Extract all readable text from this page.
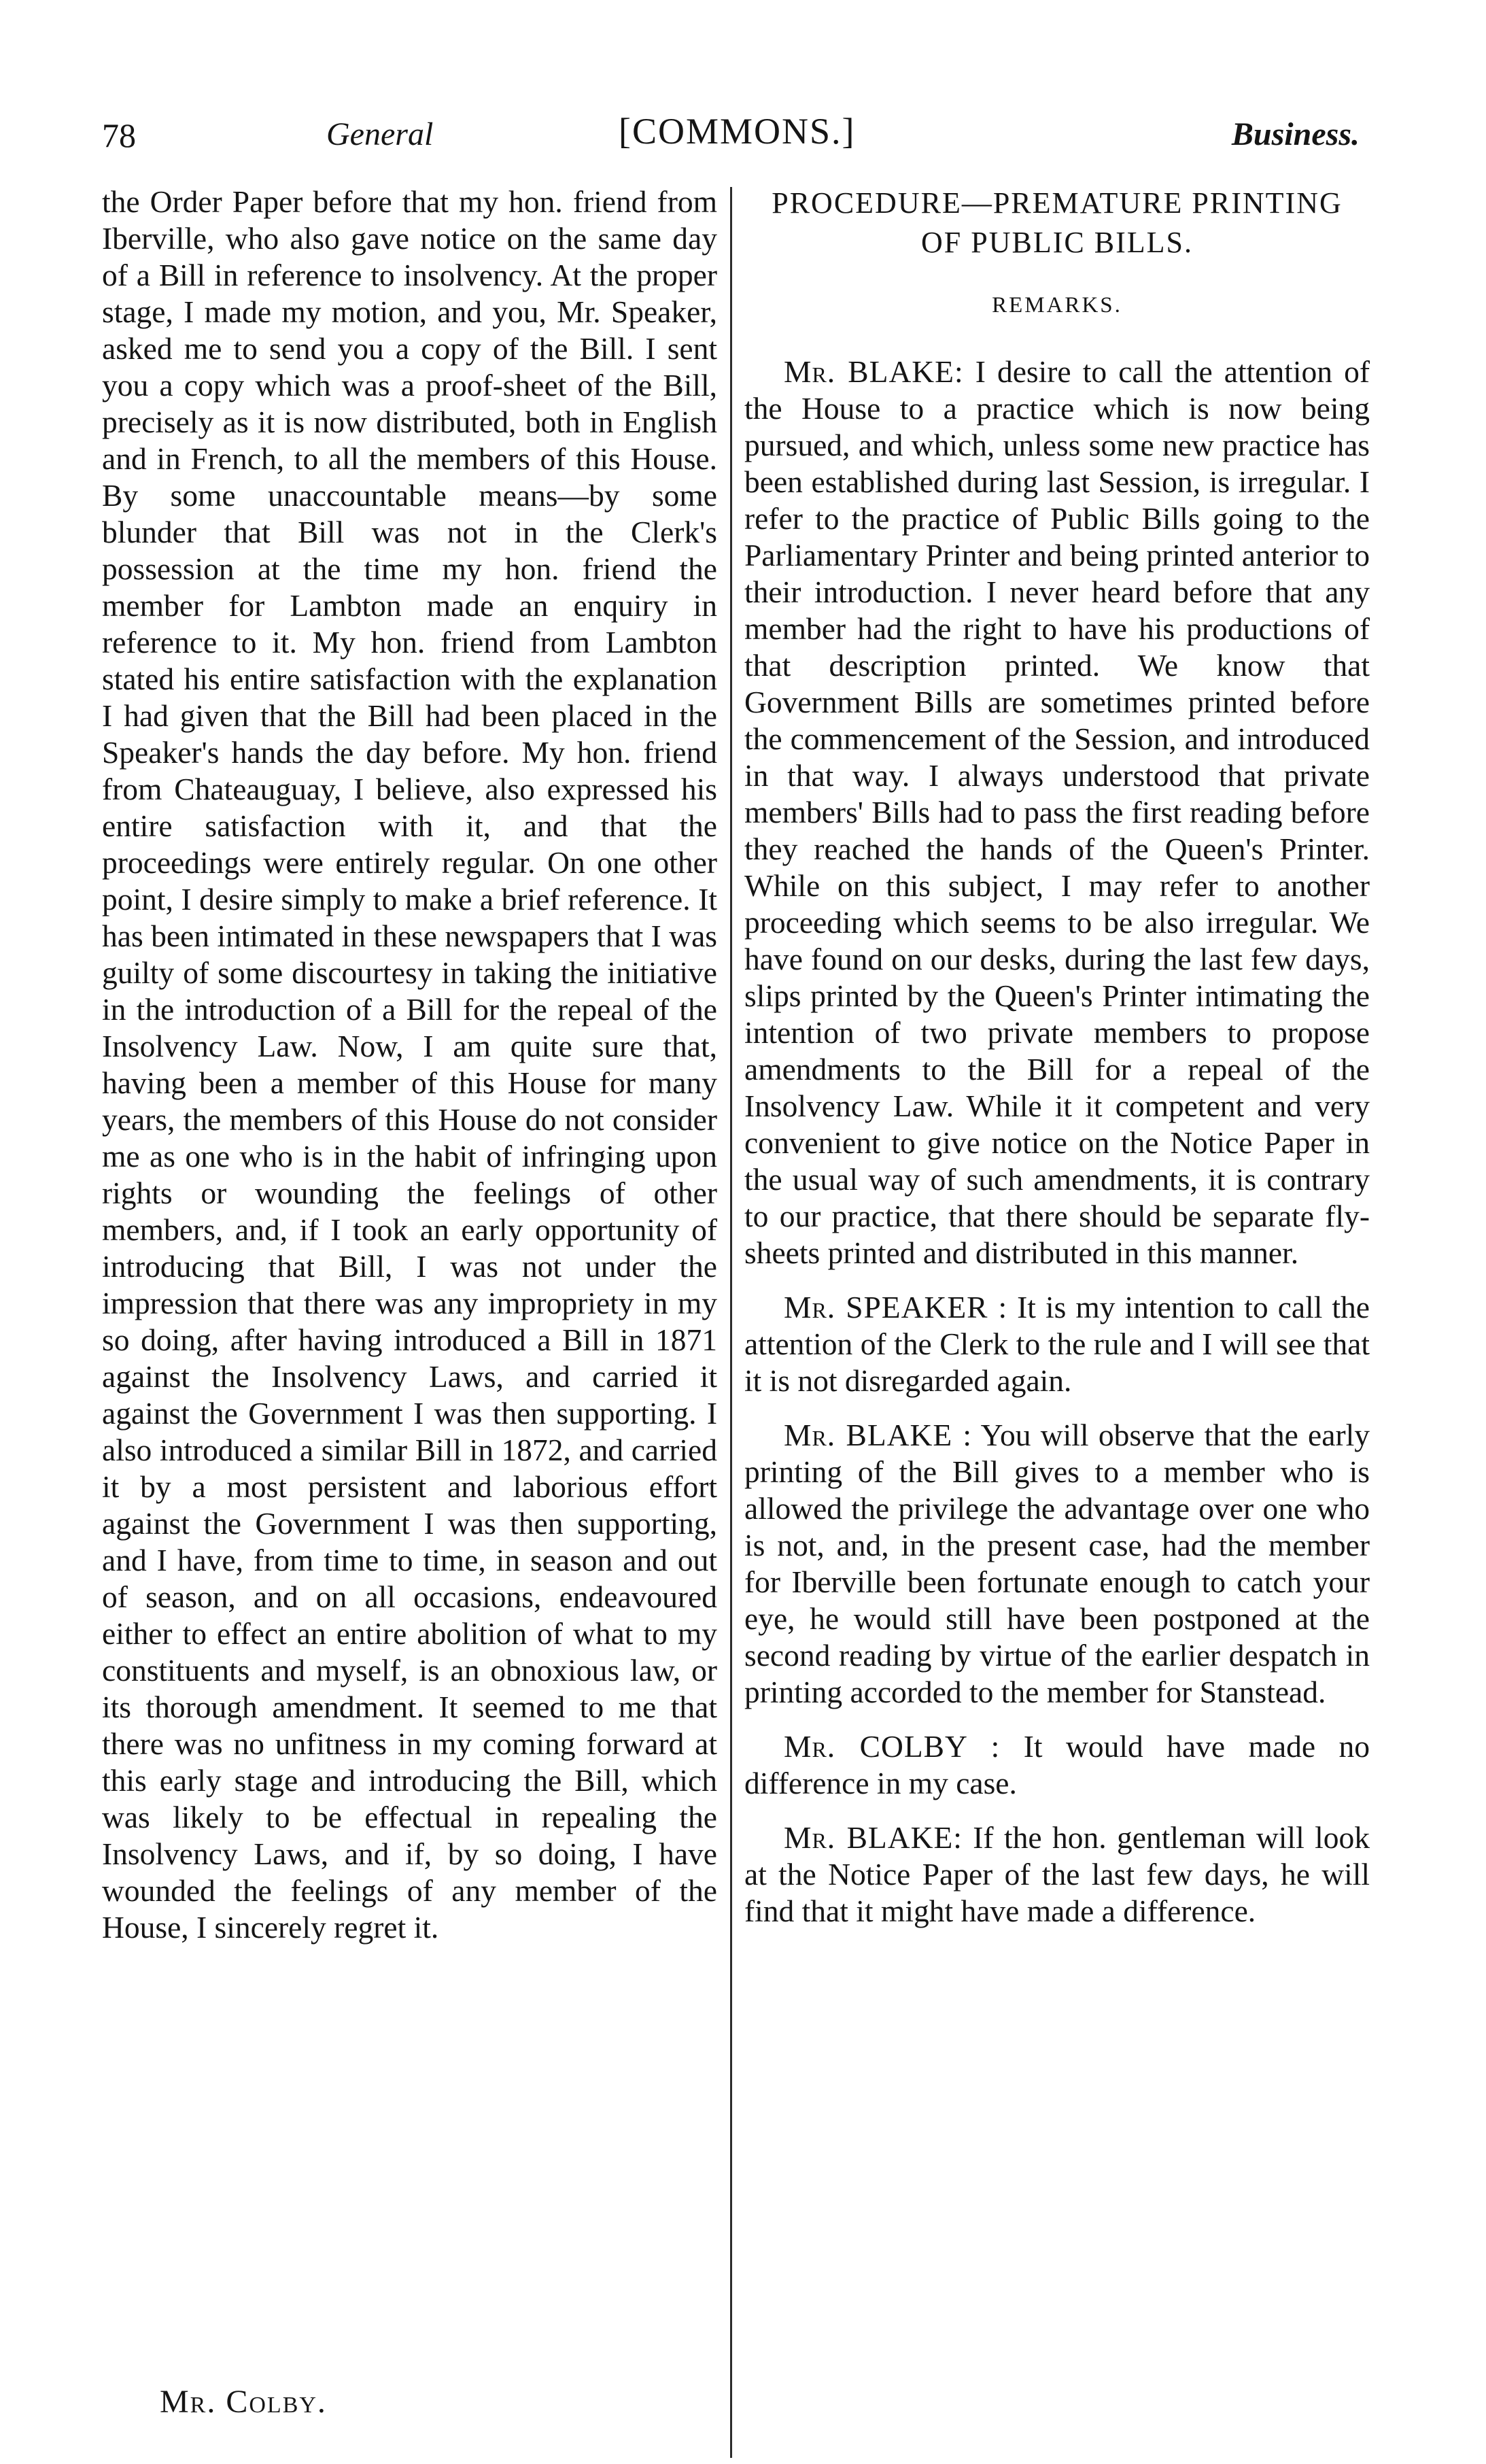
78	General	[COMMONS.]	Business.

the Order Paper before that my hon. friend from Iberville, who also gave notice on the same day of a Bill in reference to insolvency. At the proper stage, I made my motion, and you, Mr. Speaker, asked me to send you a copy of the Bill. I sent you a copy which was a proof-sheet of the Bill, precisely as it is now distributed, both in English and in French, to all the members of this House. By some unaccountable means—by some blunder that Bill was not in the Clerk's possession at the time my hon. friend the member for Lambton made an enquiry in reference to it. My hon. friend from Lambton stated his entire satisfaction with the explanation I had given that the Bill had been placed in the Speaker's hands the day before. My hon. friend from Chateauguay, I believe, also expressed his entire satisfaction with it, and that the proceedings were entirely regular. On one other point, I desire simply to make a brief reference. It has been intimated in these newspapers that I was guilty of some discourtesy in taking the initiative in the introduction of a Bill for the repeal of the Insolvency Law. Now, I am quite sure that, having been a member of this House for many years, the members of this House do not consider me as one who is in the habit of infringing upon rights or wounding the feelings of other members, and, if I took an early opportunity of introducing that Bill, I was not under the impression that there was any impropriety in my so doing, after having introduced a Bill in 1871 against the Insolvency Laws, and carried it against the Government I was then supporting. I also introduced a similar Bill in 1872, and carried it by a most persistent and laborious effort against the Government I was then supporting, and I have, from time to time, in season and out of season, and on all occasions, endeavoured either to effect an entire abolition of what to my constituents and myself, is an obnoxious law, or its thorough amendment. It seemed to me that there was no unfitness in my coming forward at this early stage and introducing the Bill, which was likely to be effectual in repealing the Insolvency Laws, and if, by so doing, I have wounded the feelings of any member of the House, I sincerely regret it.

PROCEDURE—PREMATURE PRINTING
OF PUBLIC BILLS.
REMARKS.

Mr. BLAKE: I desire to call the attention of the House to a practice which is now being pursued, and which, unless some new practice has been established during last Session, is irregular. I refer to the practice of Public Bills going to the Parliamentary Printer and being printed anterior to their introduction. I never heard before that any member had the right to have his productions of that description printed. We know that Government Bills are sometimes printed before the commencement of the Session, and introduced in that way. I always understood that private members' Bills had to pass the first reading before they reached the hands of the Queen's Printer. While on this subject, I may refer to another proceeding which seems to be also irregular. We have found on our desks, during the last few days, slips printed by the Queen's Printer intimating the intention of two private members to propose amendments to the Bill for a repeal of the Insolvency Law. While it it competent and very convenient to give notice on the Notice Paper in the usual way of such amendments, it is contrary to our practice, that there should be separate fly-sheets printed and distributed in this manner.

Mr. SPEAKER : It is my intention to call the attention of the Clerk to the rule and I will see that it is not disregarded again.

Mr. BLAKE : You will observe that the early printing of the Bill gives to a member who is allowed the privilege the advantage over one who is not, and, in the present case, had the member for Iberville been fortunate enough to catch your eye, he would still have been postponed at the second reading by virtue of the earlier despatch in printing accorded to the member for Stanstead.

Mr. COLBY : It would have made no difference in my case.

Mr. BLAKE: If the hon. gentleman will look at the Notice Paper of the last few days, he will find that it might have made a difference.

Mr. Colby.
